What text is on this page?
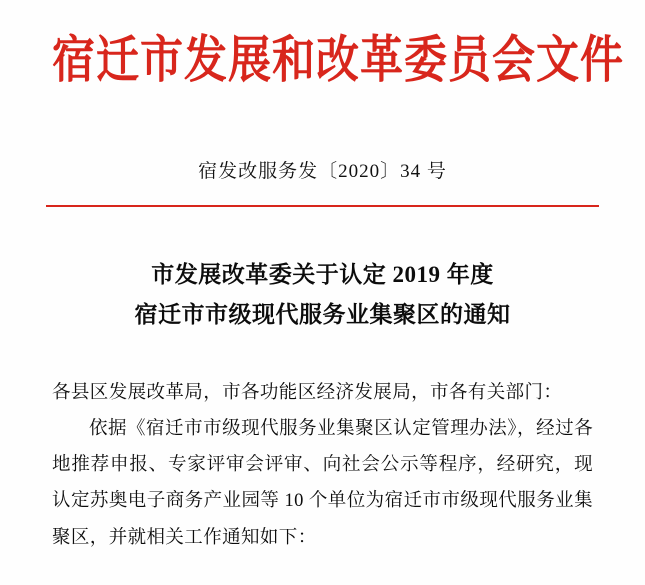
宿迁市发展和改革委员会文件
宿发改服务发〔2020〕34 号
市发展改革委关于认定 2019 年度
宿迁市市级现代服务业集聚区的通知

各县区发展改革局，市各功能区经济发展局，市各有关部门：

依据《宿迁市市级现代服务业集聚区认定管理办法》，经过各地推荐申报、专家评审会评审、向社会公示等程序，经研究，现认定苏奥电子商务产业园等 10 个单位为宿迁市市级现代服务业集聚区，并就相关工作通知如下：
